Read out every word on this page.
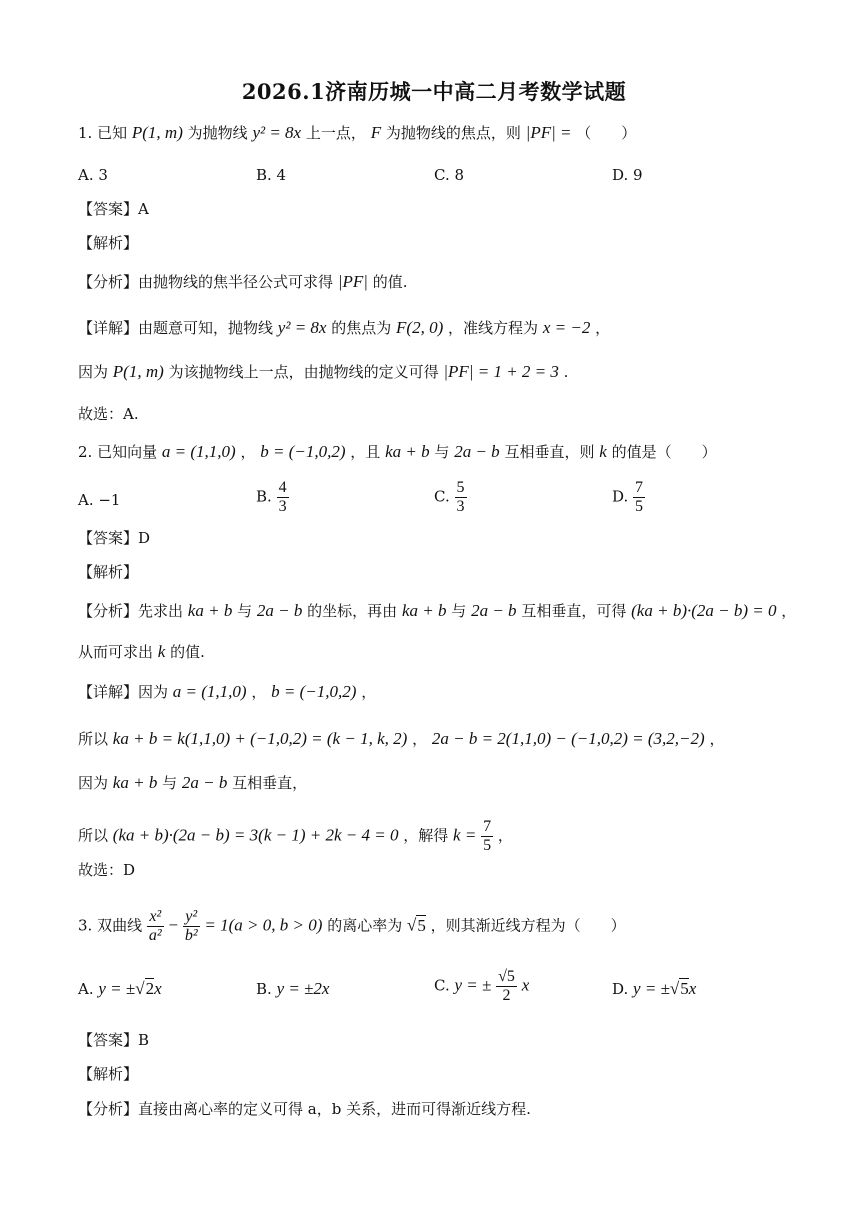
2026.1济南历城一中高二月考数学试题
1. 已知 P(1, m) 为抛物线 y² = 8x 上一点， F 为抛物线的焦点，则 |PF| = （　　）
A. 3	B. 4	C. 8	D. 9
【答案】A
【解析】
【分析】由抛物线的焦半径公式可求得 |PF| 的值.
【详解】由题意可知，抛物线 y² = 8x 的焦点为 F(2, 0) ，准线方程为 x = −2 ，
因为 P(1, m) 为该抛物线上一点，由抛物线的定义可得 |PF| = 1 + 2 = 3 .
故选：A.
2. 已知向量 a = (1,1,0) ， b = (−1,0,2) ，且 ka + b 与 2a − b 互相垂直，则 k 的值是（　　）
A. −1	B. $\frac{4}{3}$	C. $\frac{5}{3}$	D. $\frac{7}{5}$
【答案】D
【解析】
【分析】先求出 ka + b 与 2a − b 的坐标，再由 ka + b 与 2a − b 互相垂直，可得 (ka + b)·(2a − b) = 0 ，
从而可求出 k 的值.
【详解】因为 a = (1,1,0) ， b = (−1,0,2) ，
所以 ka + b = k(1,1,0) + (−1,0,2) = (k − 1, k, 2) ， 2a − b = 2(1,1,0) − (−1,0,2) = (3,2,−2) ，
因为 ka + b 与 2a − b 互相垂直，
所以 (ka + b)·(2a − b) = 3(k − 1) + 2k − 4 = 0 ，解得 $k = \frac{7}{5}$ ，
故选：D
3. 双曲线 $\frac{\text{x²}}{\text{a²}} - \frac{\text{y²}}{\text{b²}} = 1(a > 0$, b > 0) 的离心率为 √5 ，则其渐近线方程为（　　）
A. y = ±√2x	B. y = ±2x	C. y = ± $\frac{√5}{2}$ x	D. y = ±√5x
【答案】B
【解析】
【分析】直接由离心率的定义可得 a，b 关系，进而可得渐近线方程.
